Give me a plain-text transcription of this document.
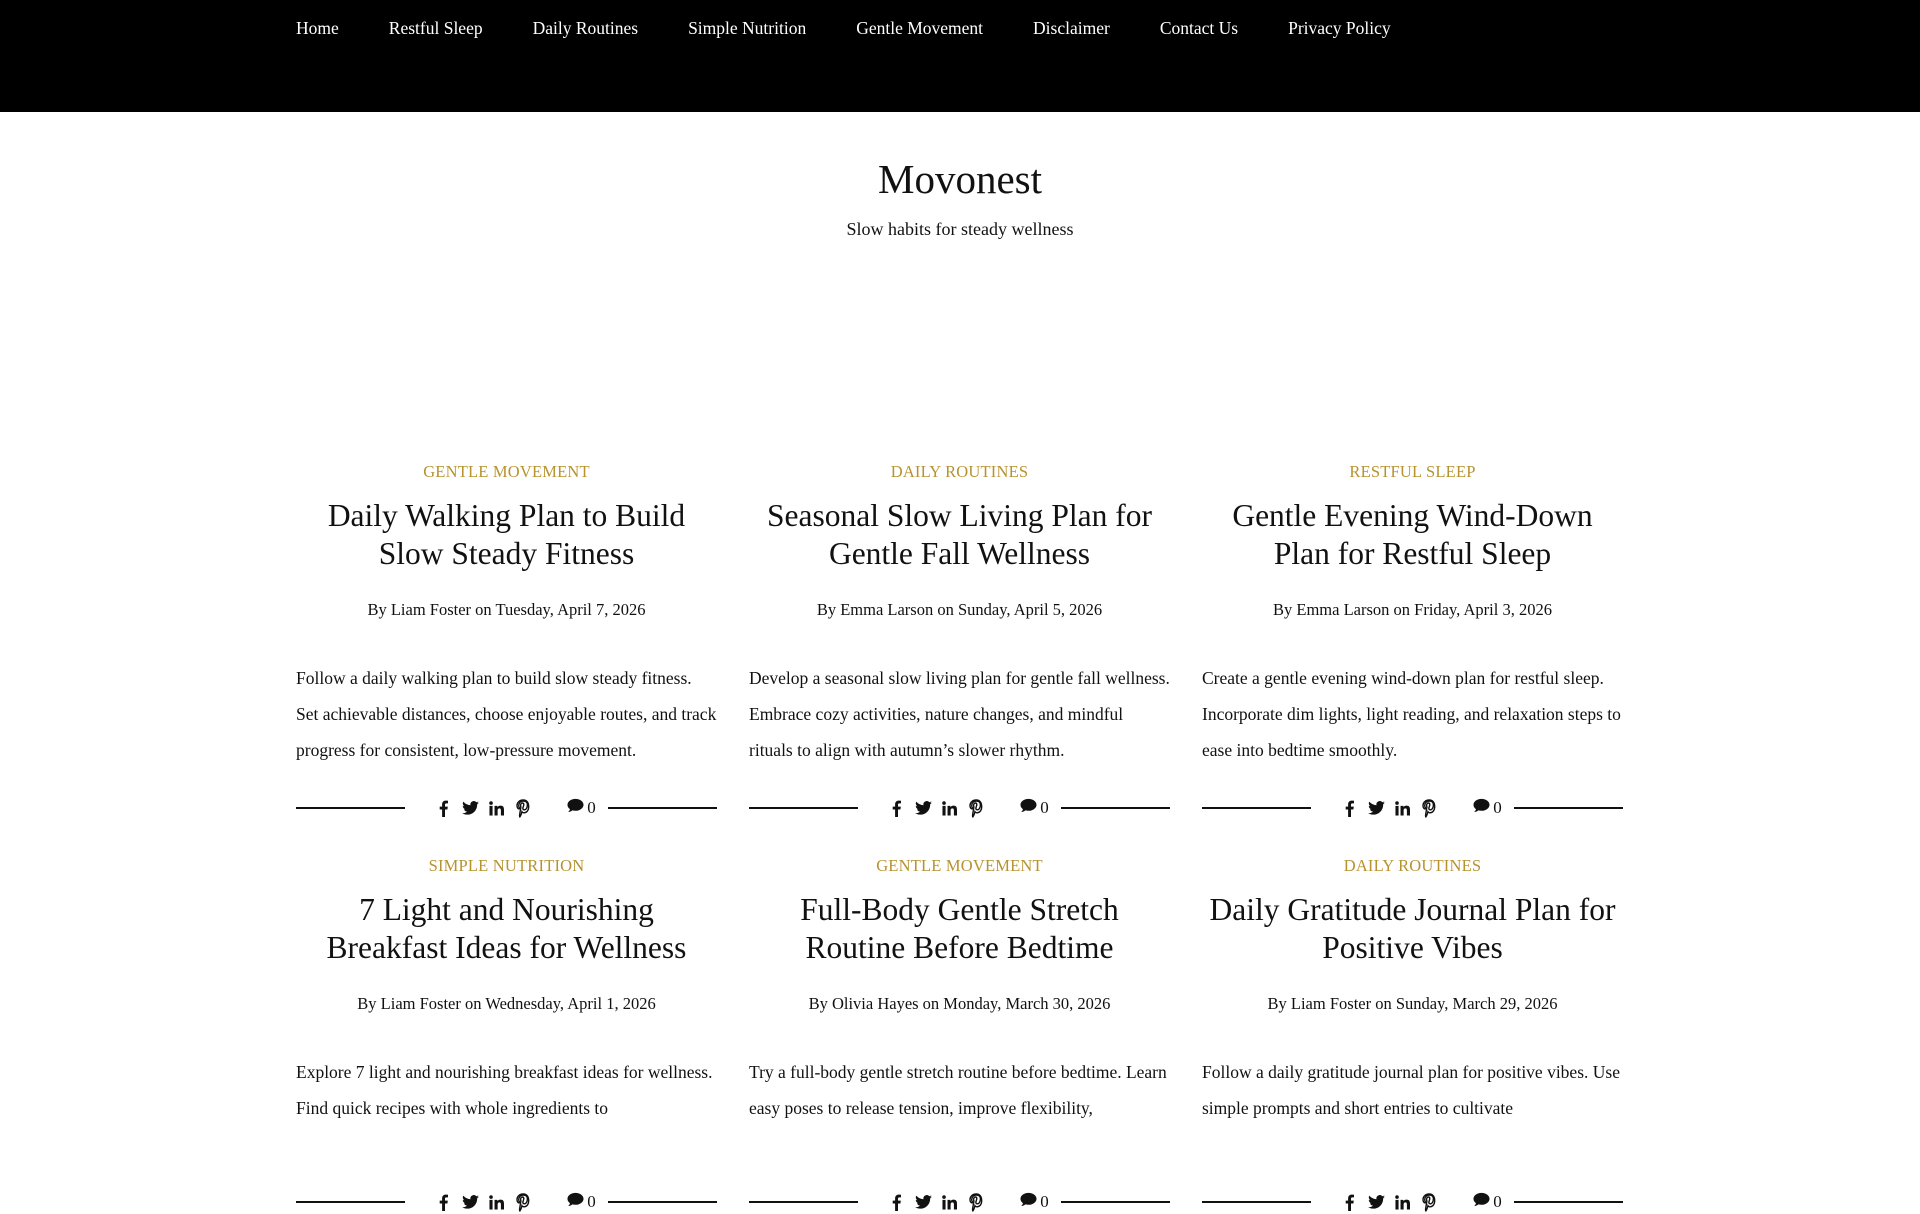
Home	Restful Sleep	Daily Routines	Simple Nutrition	Gentle Movement	Disclaimer	Contact Us	Privacy Policy
Movonest

Slow habits for steady wellness

GENTLE MOVEMENT
Daily Walking Plan to Build Slow Steady Fitness
By Liam Foster on Tuesday, April 7, 2026

Follow a daily walking plan to build slow steady fitness. Set achievable distances, choose enjoyable routes, and track progress for consistent, low-pressure movement.

0
DAILY ROUTINES
Seasonal Slow Living Plan for Gentle Fall Wellness
By Emma Larson on Sunday, April 5, 2026

Develop a seasonal slow living plan for gentle fall wellness. Embrace cozy activities, nature changes, and mindful rituals to align with autumn’s slower rhythm.

0
RESTFUL SLEEP
Gentle Evening Wind-Down Plan for Restful Sleep
By Emma Larson on Friday, April 3, 2026

Create a gentle evening wind-down plan for restful sleep. Incorporate dim lights, light reading, and relaxation steps to ease into bedtime smoothly.

0
SIMPLE NUTRITION
7 Light and Nourishing Breakfast Ideas for Wellness
By Liam Foster on Wednesday, April 1, 2026

Explore 7 light and nourishing breakfast ideas for wellness. Find quick recipes with whole ingredients to

0
GENTLE MOVEMENT
Full-Body Gentle Stretch Routine Before Bedtime
By Olivia Hayes on Monday, March 30, 2026

Try a full-body gentle stretch routine before bedtime. Learn easy poses to release tension, improve flexibility,

0
DAILY ROUTINES
Daily Gratitude Journal Plan for Positive Vibes
By Liam Foster on Sunday, March 29, 2026

Follow a daily gratitude journal plan for positive vibes. Use simple prompts and short entries to cultivate

0
